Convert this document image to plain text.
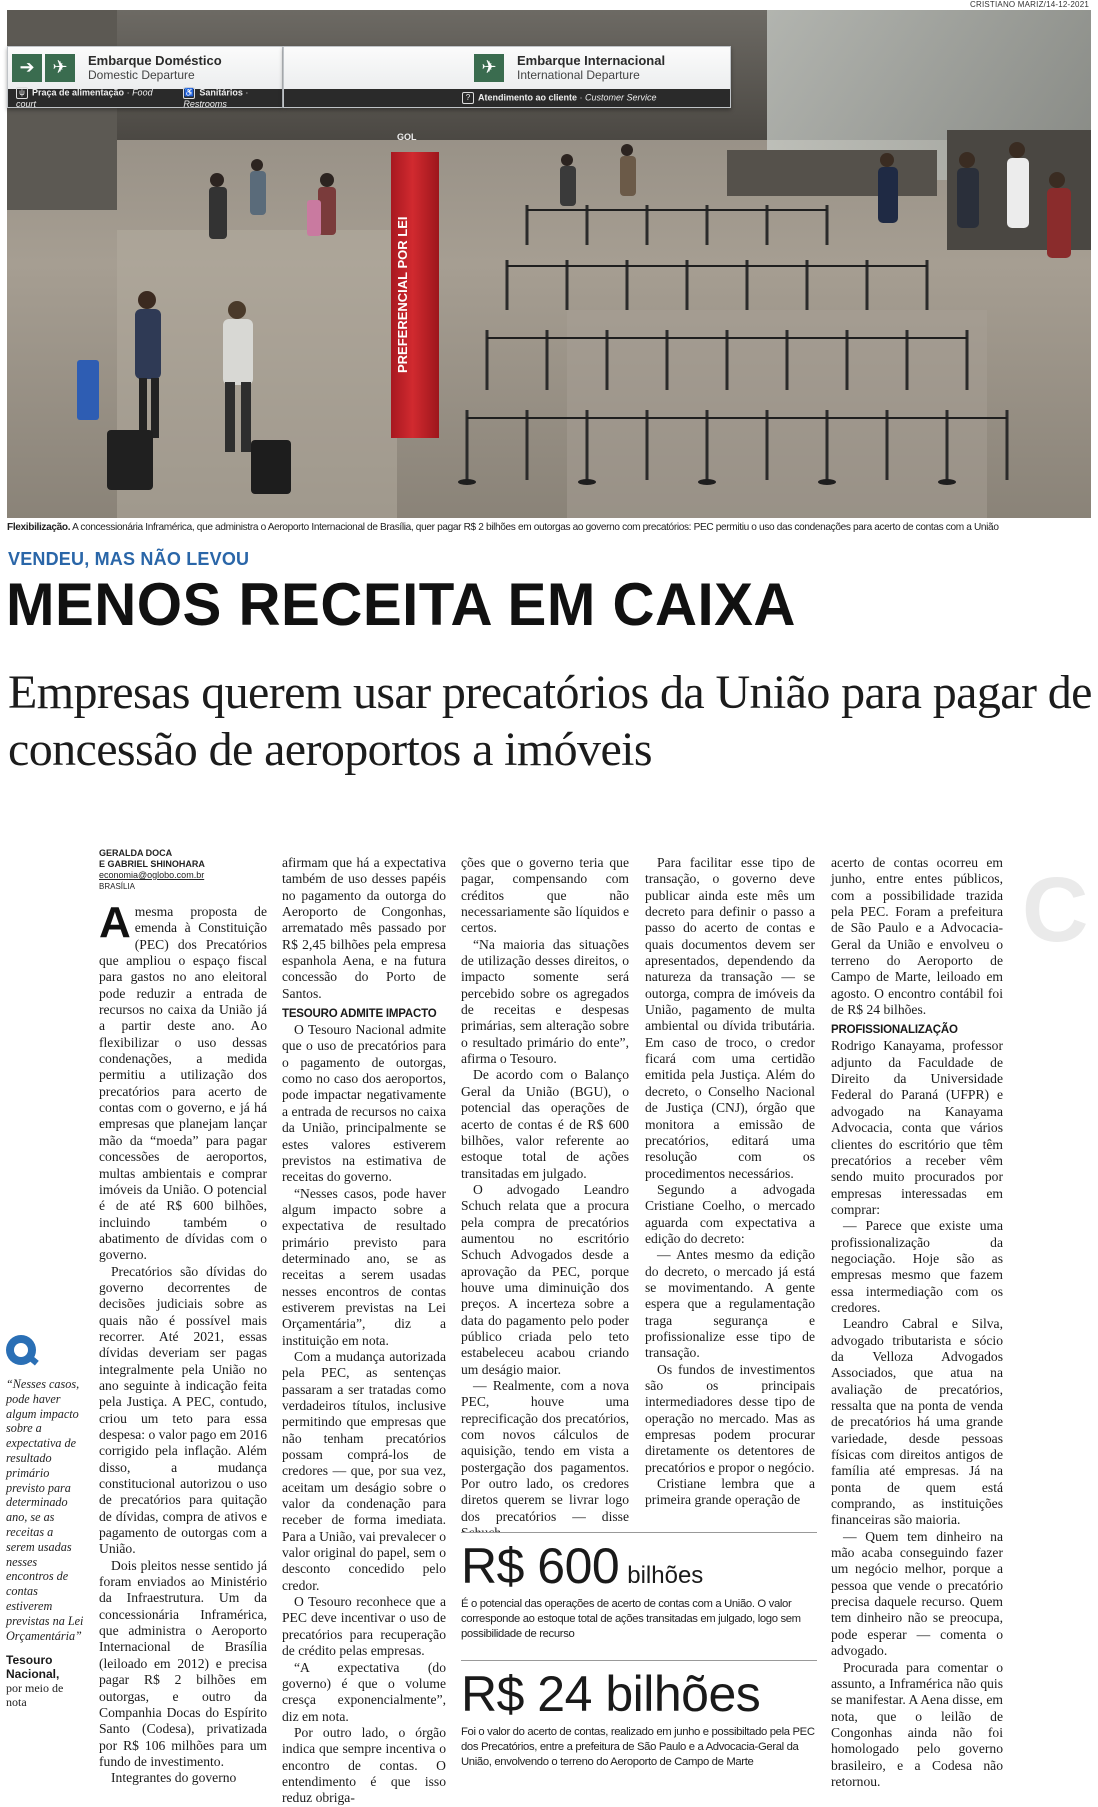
CRISTIANO MARIZ/14-12-2021
➔ ✈	Embarque Doméstico
Domestic Departure
ψ Praça de alimentação · Food court
♿ Sanitários · Restrooms
✈	Embarque Internacional
International Departure
? Atendimento ao cliente · Customer Service
GOL
PREFERENCIAL POR LEI
Flexibilização. A concessionária Inframérica, que administra o Aeroporto Internacional de Brasília, quer pagar R$ 2 bilhões em outorgas ao governo com precatórios: PEC permitiu o uso das condenações para acerto de contas com a União
VENDEU, MAS NÃO LEVOU
MENOS RECEITA EM CAIXA
Empresas querem usar precatórios da União para pagar de concessão de aeroportos a imóveis
C
GERALDA DOCA
E GABRIEL SHINOHARA
economia@oglobo.com.br
BRASÍLIA

Amesma proposta de emenda à Constituição (PEC) dos Precatórios que ampliou o espaço fiscal para gastos no ano eleitoral pode reduzir a entrada de recursos no caixa da União já a partir deste ano. Ao flexibilizar o uso dessas condenações, a medida permitiu a utilização dos precatórios para acerto de contas com o governo, e já há empresas que planejam lançar mão da “moeda” para pagar concessões de aeroportos, multas ambientais e comprar imóveis da União. O potencial é de até R$ 600 bilhões, incluindo também o abatimento de dívidas com o governo.

Precatórios são dívidas do governo decorrentes de decisões judiciais sobre as quais não é possível mais recorrer. Até 2021, essas dívidas deveriam ser pagas integralmente pela União no ano seguinte à indicação feita pela Justiça. A PEC, contudo, criou um teto para essa despesa: o valor pago em 2016 corrigido pela inflação. Além disso, a mudança constitucional autorizou o uso de precatórios para quitação de dívidas, compra de ativos e pagamento de outorgas com a União.

Dois pleitos nesse sentido já foram enviados ao Ministério da Infraestrutura. Um da concessionária Inframérica, que administra o Aeroporto Internacional de Brasília (leiloado em 2012) e precisa pagar R$ 2 bilhões em outorgas, e outro da Companhia Docas do Espírito Santo (Codesa), privatizada por R$ 106 milhões para um fundo de investimento.

Integrantes do governo

“Nesses casos, pode haver algum impacto sobre a expectativa de resultado primário previsto para determinado ano, se as receitas a serem usadas nesses encontros de contas estiverem previstas na Lei Orçamentária”
Tesouro Nacional,
por meio de nota

afirmam que há a expectativa também de uso desses papéis no pagamento da outorga do Aeroporto de Congonhas, arrematado mês passado por R$ 2,45 bilhões pela empresa espanhola Aena, e na futura concessão do Porto de Santos.

TESOURO ADMITE IMPACTO

O Tesouro Nacional admite que o uso de precatórios para o pagamento de outorgas, como no caso dos aeroportos, pode impactar negativamente a entrada de recursos no caixa da União, principalmente se estes valores estiverem previstos na estimativa de receitas do governo.

“Nesses casos, pode haver algum impacto sobre a expectativa de resultado primário previsto para determinado ano, se as receitas a serem usadas nesses encontros de contas estiverem previstas na Lei Orçamentária”, diz a instituição em nota.

Com a mudança autorizada pela PEC, as sentenças passaram a ser tratadas como verdadeiros títulos, inclusive permitindo que empresas que não tenham precatórios possam comprá-los de credores — que, por sua vez, aceitam um deságio sobre o valor da condenação para receber de forma imediata. Para a União, vai prevalecer o valor original do papel, sem o desconto concedido pelo credor.

O Tesouro reconhece que a PEC deve incentivar o uso de precatórios para recuperação de crédito pelas empresas.

“A expectativa (do governo) é que o volume cresça exponencialmente”, diz em nota.

Por outro lado, o órgão indica que sempre incentiva o encontro de contas. O entendimento é que isso reduz obriga-

ções que o governo teria que pagar, compensando com créditos que não necessariamente são líquidos e certos.

“Na maioria das situações de utilização desses direitos, o impacto somente será percebido sobre os agregados de receitas e despesas primárias, sem alteração sobre o resultado primário do ente”, afirma o Tesouro.

De acordo com o Balanço Geral da União (BGU), o potencial das operações de acerto de contas é de R$ 600 bilhões, valor referente ao estoque total de ações transitadas em julgado.

O advogado Leandro Schuch relata que a procura pela compra de precatórios aumentou no escritório Schuch Advogados desde a aprovação da PEC, porque houve uma diminuição dos preços. A incerteza sobre a data do pagamento pelo poder público criada pelo teto estabeleceu acabou criando um deságio maior.

— Realmente, com a nova PEC, houve uma reprecificação dos precatórios, com novos cálculos de aquisição, tendo em vista a postergação dos pagamentos. Por outro lado, os credores diretos querem se livrar logo dos precatórios — disse

Para facilitar esse tipo de transação, o governo deve publicar ainda este mês um decreto para definir o passo a passo do acerto de contas e quais documentos devem ser apresentados, dependendo da natureza da transação — se outorga, compra de imóveis da União, pagamento de multa ambiental ou dívida tributária. Em caso de troco, o credor ficará com uma certidão emitida pela Justiça. Além do decreto, o Conselho Nacional de Justiça (CNJ), órgão que monitora a emissão de precatórios, editará uma resolução com os procedimentos necessários.

Segundo a advogada Cristiane Coelho, o mercado aguarda com expectativa a edição do decreto:

— Antes mesmo da edição do decreto, o mercado já está se movimentando. A gente espera que a regulamentação traga segurança e profissionalize esse tipo de transação.

Os fundos de investimentos são os principais intermediadores desse tipo de operação no mercado. Mas as empresas podem procurar diretamente os detentores de precatórios e propor o negócio.

Cristiane lembra que a primeira grande operação de

acerto de contas ocorreu em junho, entre entes públicos, com a possibilidade trazida pela PEC. Foram a prefeitura de São Paulo e a Advocacia-Geral da União e envolveu o terreno do Aeroporto de Campo de Marte, leiloado em agosto. O encontro contábil foi de R$ 24 bilhões.

PROFISSIONALIZAÇÃO

Rodrigo Kanayama, professor adjunto da Faculdade de Direito da Universidade Federal do Paraná (UFPR) e advogado na Kanayama Advocacia, conta que vários clientes do escritório que têm precatórios a receber vêm sendo muito procurados por empresas interessadas em comprar:

— Parece que existe uma profissionalização da negociação. Hoje são as empresas mesmo que fazem essa intermediação com os credores.

Leandro Cabral e Silva, advogado tributarista e sócio da Velloza Advogados Associados, que atua na avaliação de precatórios, ressalta que na ponta de venda de precatórios há uma grande variedade, desde pessoas físicas com direitos antigos de família até empresas. Já na ponta de quem está comprando, as instituições financeiras são maioria.

— Quem tem dinheiro na mão acaba conseguindo fazer um negócio melhor, porque a pessoa que vende o precatório precisa daquele recurso. Quem tem dinheiro não se preocupa, pode esperar — comenta o advogado.

Procurada para comentar o assunto, a Inframérica não quis se manifestar. A Aena disse, em nota, que o leilão de Congonhas ainda não foi homologado pelo governo brasileiro, e a Codesa não retornou.

R$ 600 bilhões
É o potencial das operações de acerto de contas com a União. O valor corresponde ao estoque total de ações transitadas em julgado, logo sem possibilidade de recurso
R$ 24 bilhões
Foi o valor do acerto de contas, realizado em junho e possibiltado pela PEC dos Precatórios, entre a prefeitura de São Paulo e a Advocacia-Geral da União, envolvendo o terreno do Aeroporto de Campo de Marte
